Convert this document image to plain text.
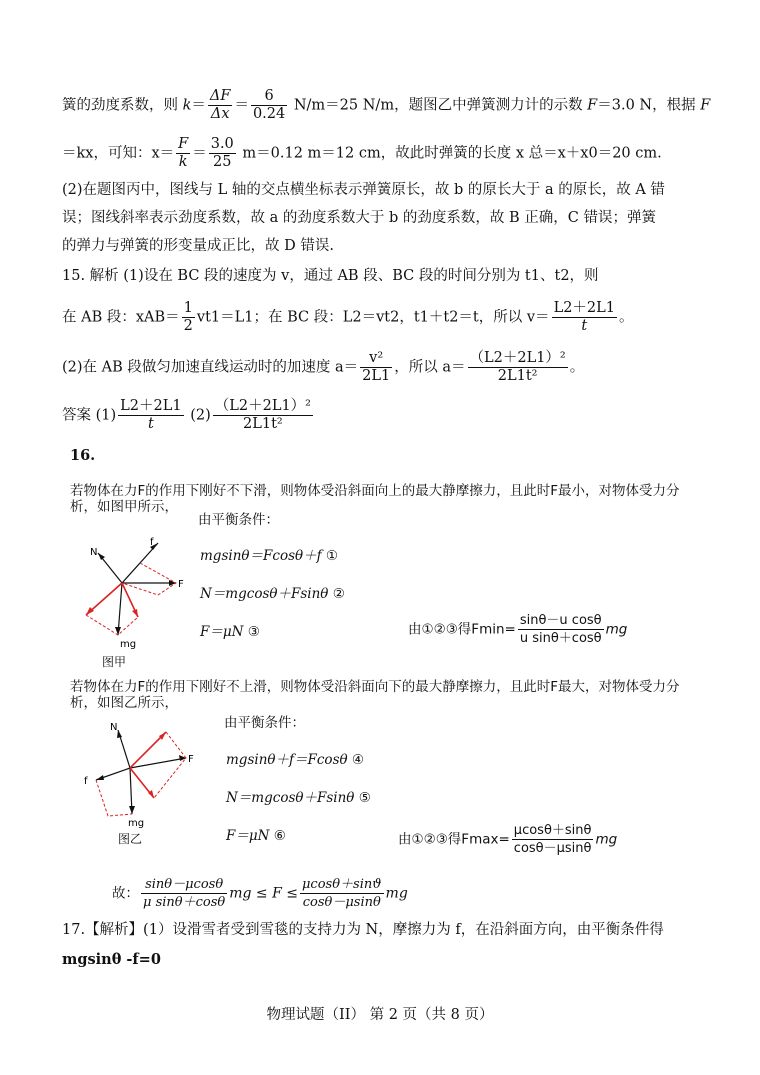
簧的劲度系数，则 $k= \frac{\Delta F}{\Delta x} = \frac{6}{0.24} N/m=25$ N/m，题图乙中弹簧测力计的示数 F＝3.0 N，根据 F
＝kx，可知：$x= \frac{F}{k} = \frac{3.0}{25} m=0.12$ m＝12 cm，故此时弹簧的长度 x 总＝x＋x0＝20 cm.
(2)在题图丙中，图线与 L 轴的交点横坐标表示弹簧原长，故 b 的原长大于 a 的原长，故 A 错
误；图线斜率表示劲度系数，故 a 的劲度系数大于 b 的劲度系数，故 B 正确，C 错误；弹簧
的弹力与弹簧的形变量成正比，故 D 错误.
15. 解析 (1)设在 BC 段的速度为 v，通过 AB 段、BC 段的时间分别为 t1、t2，则
在 AB 段：$xAB= \frac{1}{2} vt1=L1$；在 BC 段：L2＝vt2，t1＋t2＝t，所以 $v= \frac{L2+2L1}{t}$ 。
(2)在 AB 段做匀加速直线运动时的加速度 $a= \frac{\text{v²}}{2L1}$ ，所以 $a= \frac{\text{（L2＋2L1）²}}{\text{2L1t²}}$ 。
答案 $(1) \frac{L2+2L1}{t} (2) \frac{\text{（L2＋2L1）²}}{\text{2L1t²}}$
16.
若物体在力F的作用下刚好不下滑，则物体受沿斜面向上的最大静摩擦力，且此时F最小，对物体受力分
析，如图甲所示，
由平衡条件：
mgsinθ＝Fcosθ＋f ①
N＝mgcosθ＋Fsinθ ②
F＝μN ③	由①②③得$Fmin= \frac{\text{sinθ－u cosθ}}{\text{u sinθ＋cosθ}}$ mg
N
f
F
mg
图甲
若物体在力F的作用下刚好不上滑，则物体受沿斜面向下的最大静摩擦力，且此时F最大，对物体受力分
析，如图乙所示，
由平衡条件：
mgsinθ＋f＝Fcosθ ④
N＝mgcosθ＋Fsinθ ⑤
F＝μN ⑥	由①②③得$Fmax= \frac{\mu\cos\theta+\sin\theta}{\cos\theta-\mu\sin\theta}$ mg
N
F
f
mg
图乙
故： $\frac{\sin\theta-\mu\cos\theta}{\text{μ sinθ＋cosθ}}$ mg ≤ $F \le \frac{\mu\cos\theta+\sin ϑ}{\cos\theta-\mu\sin\theta}$ mg
17.【解析】(1）设滑雪者受到雪毯的支持力为 N，摩擦力为 f，在沿斜面方向，由平衡条件得
mgsinθ -f=0
物理试题（II） 第 2 页（共 8 页）
